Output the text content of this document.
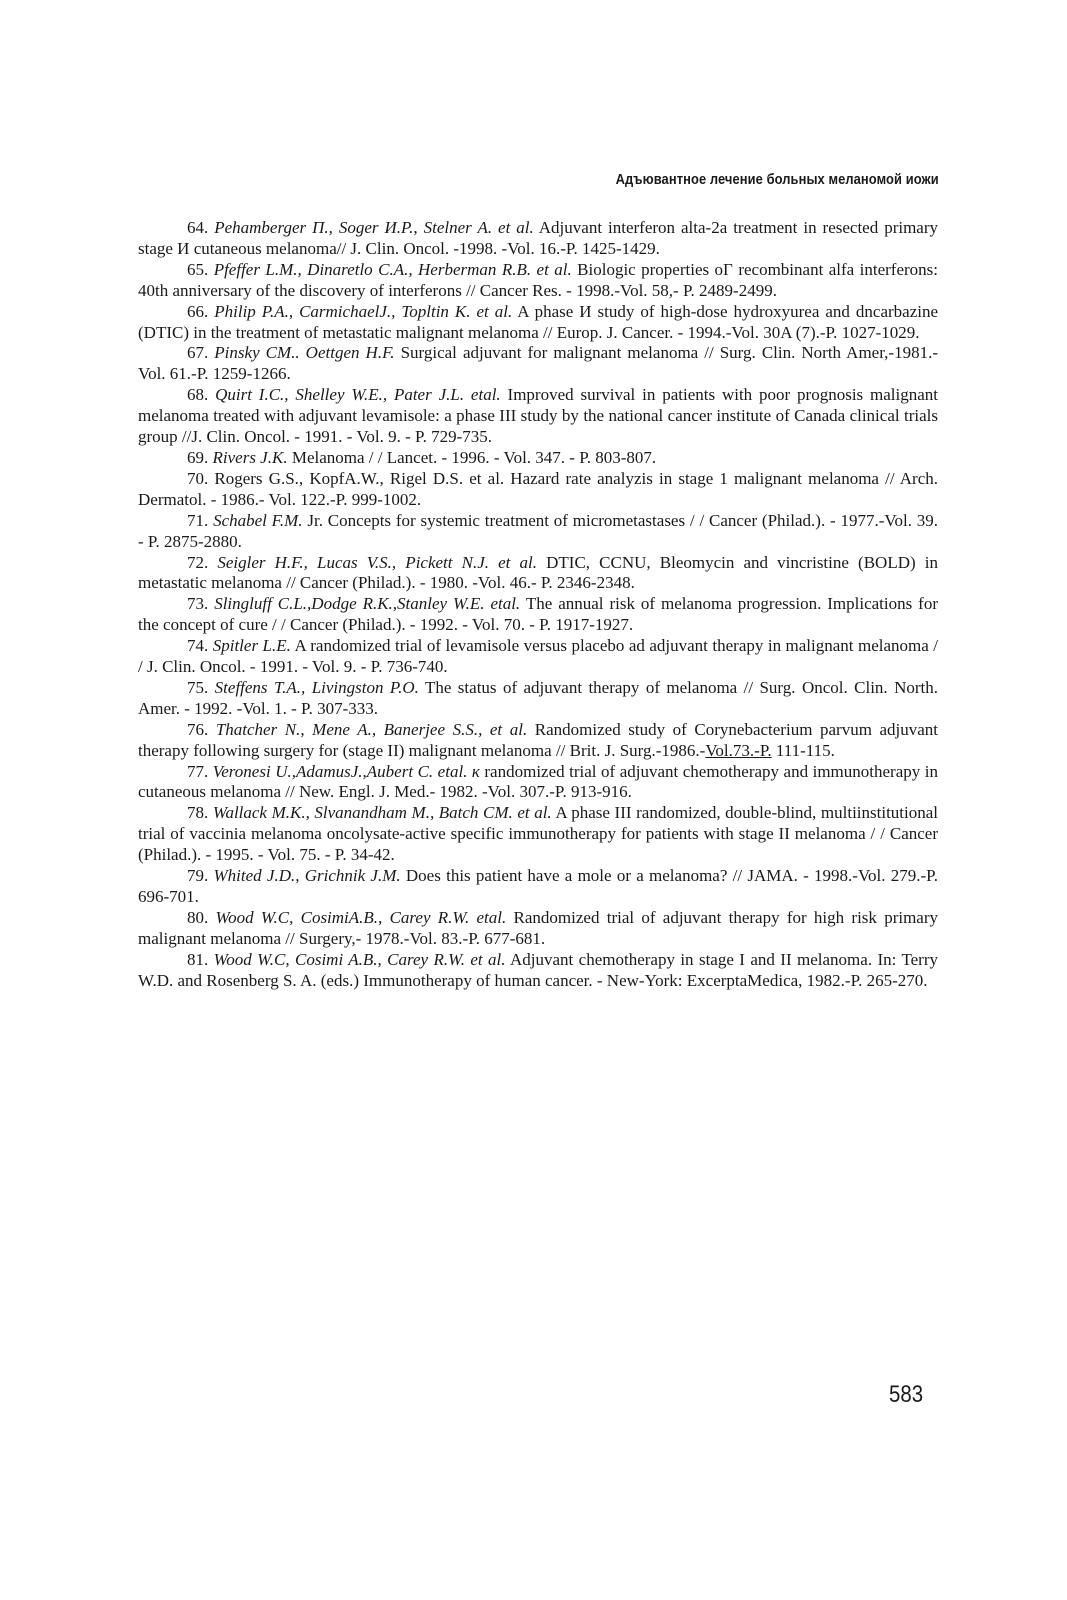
Адъювантное лечение больных меланомой иожи

64. Pehamberger П., Soger И.P., Stelner A. et al. Adjuvant interferon alta-2a treatment in resected primary stage И cutaneous melanoma// J. Clin. Oncol. -1998. -Vol. 16.-P. 1425-1429.

65. Pfeffer L.M., Dinaretlo C.A., Herberman R.B. et al. Biologic properties oГ recombinant alfa interferons: 40th anniversary of the discovery of interferons // Cancer Res. - 1998.-Vol. 58,- P. 2489-2499.

66. Philip P.A., CarmichaelJ., Topltin K. et al. A phase И study of high-dose hydroxyurea and dncarbazine (DTIC) in the treatment of metastatic malignant melanoma // Europ. J. Cancer. - 1994.-Vol. 30A (7).-P. 1027-1029.

67. Pinsky CM.. Oettgen H.F. Surgical adjuvant for malignant melanoma // Surg. Clin. North Amer,-1981.-Vol. 61.-P. 1259-1266.

68. Quirt I.C., Shelley W.E., Pater J.L. etal. Improved survival in patients with poor prognosis malignant melanoma treated with adjuvant levamisole: a phase III study by the national cancer institute of Canada clinical trials group //J. Clin. Oncol. - 1991. - Vol. 9. - P. 729-735.

69. Rivers J.K. Melanoma / / Lancet. - 1996. - Vol. 347. - P. 803-807.

70. Rogers G.S., KopfA.W., Rigel D.S. et al. Hazard rate analyzis in stage 1 malignant melanoma // Arch. Dermatol. - 1986.- Vol. 122.-P. 999-1002.

71. Schabel F.M. Jr. Concepts for systemic treatment of micrometastases / / Cancer (Philad.). - 1977.-Vol. 39. - P. 2875-2880.

72. Seigler H.F., Lucas V.S., Pickett N.J. et al. DTIC, CCNU, Bleomycin and vincristine (BOLD) in metastatic melanoma // Cancer (Philad.). - 1980. -Vol. 46.- P. 2346-2348.

73. Slingluff C.L.,Dodge R.K.,Stanley W.E. etal. The annual risk of melanoma progression. Implications for the concept of cure / / Cancer (Philad.). - 1992. - Vol. 70. - P. 1917-1927.

74. Spitler L.E. A randomized trial of levamisole versus placebo ad adjuvant therapy in malignant melanoma / / J. Clin. Oncol. - 1991. - Vol. 9. - P. 736-740.

75. Steffens T.A., Livingston P.O. The status of adjuvant therapy of melanoma // Surg. Oncol. Clin. North. Amer. - 1992. -Vol. 1. - P. 307-333.

76. Thatcher N., Mene A., Banerjee S.S., et al. Randomized study of Corynebacterium parvum adjuvant therapy following surgery for (stage II) malignant melanoma // Brit. J. Surg.-1986.-Vol.73.-P. 111-115.

77. Veronesi U.,AdamusJ.,Aubert C. etal. к randomized trial of adjuvant chemotherapy and immunotherapy in cutaneous melanoma // New. Engl. J. Med.- 1982. -Vol. 307.-P. 913-916.

78. Wallack M.K., Slvanandham M., Batch CM. et al. A phase III randomized, double-blind, multiinstitutional trial of vaccinia melanoma oncolysate-active specific immunotherapy for patients with stage II melanoma / / Cancer (Philad.). - 1995. - Vol. 75. - P. 34-42.

79. Whited J.D., Grichnik J.M. Does this patient have a mole or a melanoma? // JAMA. - 1998.-Vol. 279.-P. 696-701.

80. Wood W.C, CosimiA.B., Carey R.W. etal. Randomized trial of adjuvant therapy for high risk primary malignant melanoma // Surgery,- 1978.-Vol. 83.-P. 677-681.

81. Wood W.C, Cosimi A.B., Carey R.W. et al. Adjuvant chemotherapy in stage I and II melanoma. In: Terry W.D. and Rosenberg S. A. (eds.) Immunotherapy of human cancer. - New-York: ExcerptaMedica, 1982.-P. 265-270.

583
